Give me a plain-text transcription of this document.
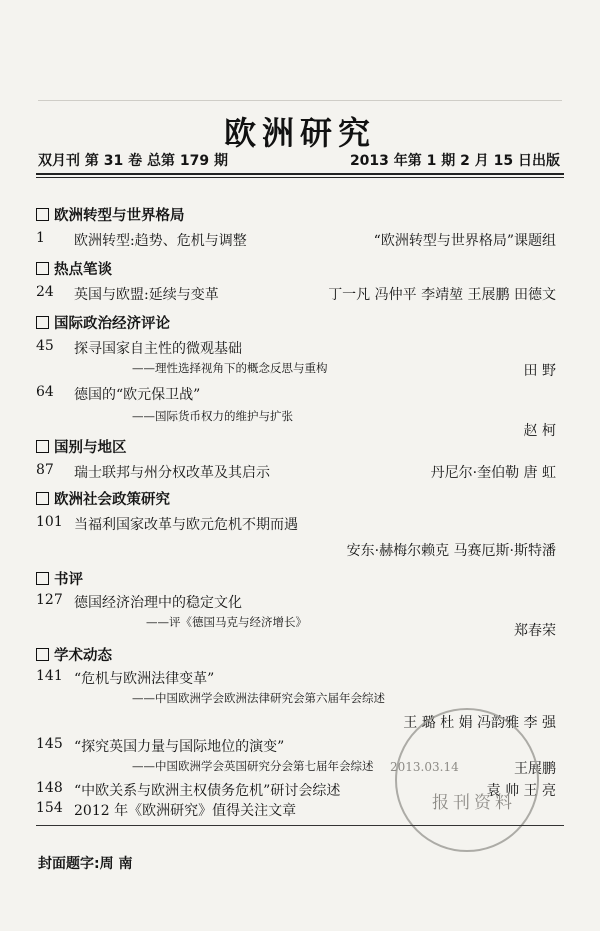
欧洲研究
双月刊 第 31 卷 总第 179 期	2013 年第 1 期 2 月 15 日出版
欧洲转型与世界格局
1 欧洲转型:趋势、危机与调整	“欧洲转型与世界格局”课题组
热点笔谈
24 英国与欧盟:延续与变革	丁一凡 冯仲平 李靖堃 王展鹏 田德文
国际政治经济评论
45 探寻国家自主性的微观基础
——理性选择视角下的概念反思与重构	田 野
64 德国的“欧元保卫战”
——国际货币权力的维护与扩张
赵 柯
国别与地区
87 瑞士联邦与州分权改革及其启示	丹尼尔·奎伯勒 唐 虹
欧洲社会政策研究
101 当福利国家改革与欧元危机不期而遇
安东·赫梅尔赖克 马赛厄斯·斯特潘
书评
127 德国经济治理中的稳定文化
——评《德国马克与经济增长》
郑春荣
学术动态
141 “危机与欧洲法律变革”
——中国欧洲学会欧洲法律研究会第六届年会综述
王 璐 杜 娟 冯韵雅 李 强
145 “探究英国力量与国际地位的演变”
——中国欧洲学会英国研究分会第七届年会综述	王展鹏
148 “中欧关系与欧洲主权债务危机”研讨会综述	袁 帅 王 亮
154 2012 年《欧洲研究》值得关注文章
2013.03.14
报刊资料
封面题字:周 南
